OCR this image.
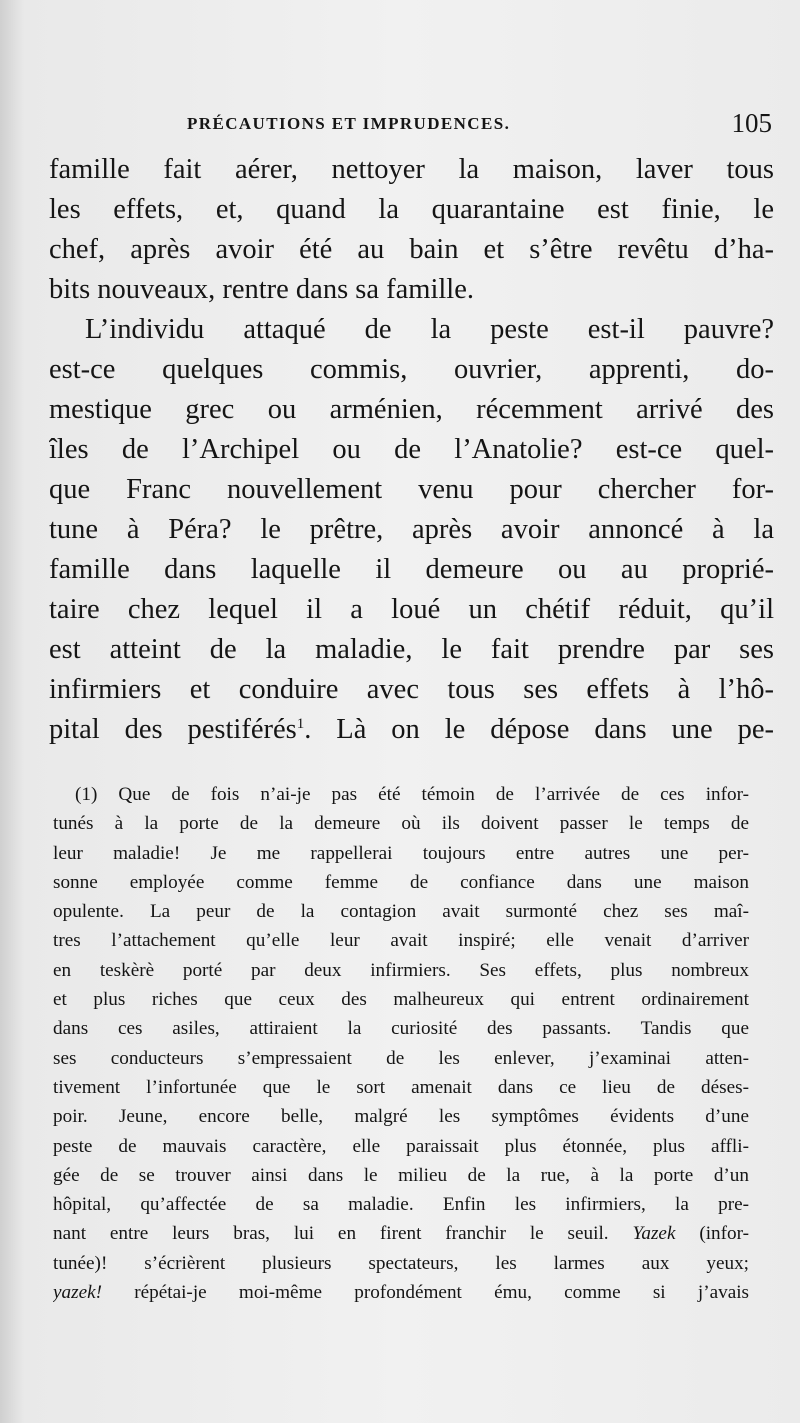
PRÉCAUTIONS ET IMPRUDENCES.	105
famille fait aérer, nettoyer la maison, laver tous
les effets, et, quand la quarantaine est finie, le
chef, après avoir été au bain et s’être revêtu d’ha-
bits nouveaux, rentre dans sa famille.
L’individu attaqué de la peste est-il pauvre?
est-ce quelques commis, ouvrier, apprenti, do-
mestique grec ou arménien, récemment arrivé des
îles de l’Archipel ou de l’Anatolie? est-ce quel-
que Franc nouvellement venu pour chercher for-
tune à Péra? le prêtre, après avoir annoncé à la
famille dans laquelle il demeure ou au proprié-
taire chez lequel il a loué un chétif réduit, qu’il
est atteint de la maladie, le fait prendre par ses
infirmiers et conduire avec tous ses effets à l’hô-
pital des pestiférés$^1$. Là on le dépose dans une pe-
(1) Que de fois n’ai-je pas été témoin de l’arrivée de ces infor-
tunés à la porte de la demeure où ils doivent passer le temps de
leur maladie! Je me rappellerai toujours entre autres une per-
sonne employée comme femme de confiance dans une maison
opulente. La peur de la contagion avait surmonté chez ses maî-
tres l’attachement qu’elle leur avait inspiré; elle venait d’arriver
en teskèrè porté par deux infirmiers. Ses effets, plus nombreux
et plus riches que ceux des malheureux qui entrent ordinairement
dans ces asiles, attiraient la curiosité des passants. Tandis que
ses conducteurs s’empressaient de les enlever, j’examinai atten-
tivement l’infortunée que le sort amenait dans ce lieu de déses-
poir. Jeune, encore belle, malgré les symptômes évidents d’une
peste de mauvais caractère, elle paraissait plus étonnée, plus affli-
gée de se trouver ainsi dans le milieu de la rue, à la porte d’un
hôpital, qu’affectée de sa maladie. Enfin les infirmiers, la pre-
nant entre leurs bras, lui en firent franchir le seuil. Yazek (infor-
tunée)! s’écrièrent plusieurs spectateurs, les larmes aux yeux;
yazek! répétai-je moi-même profondément ému, comme si j’avais
